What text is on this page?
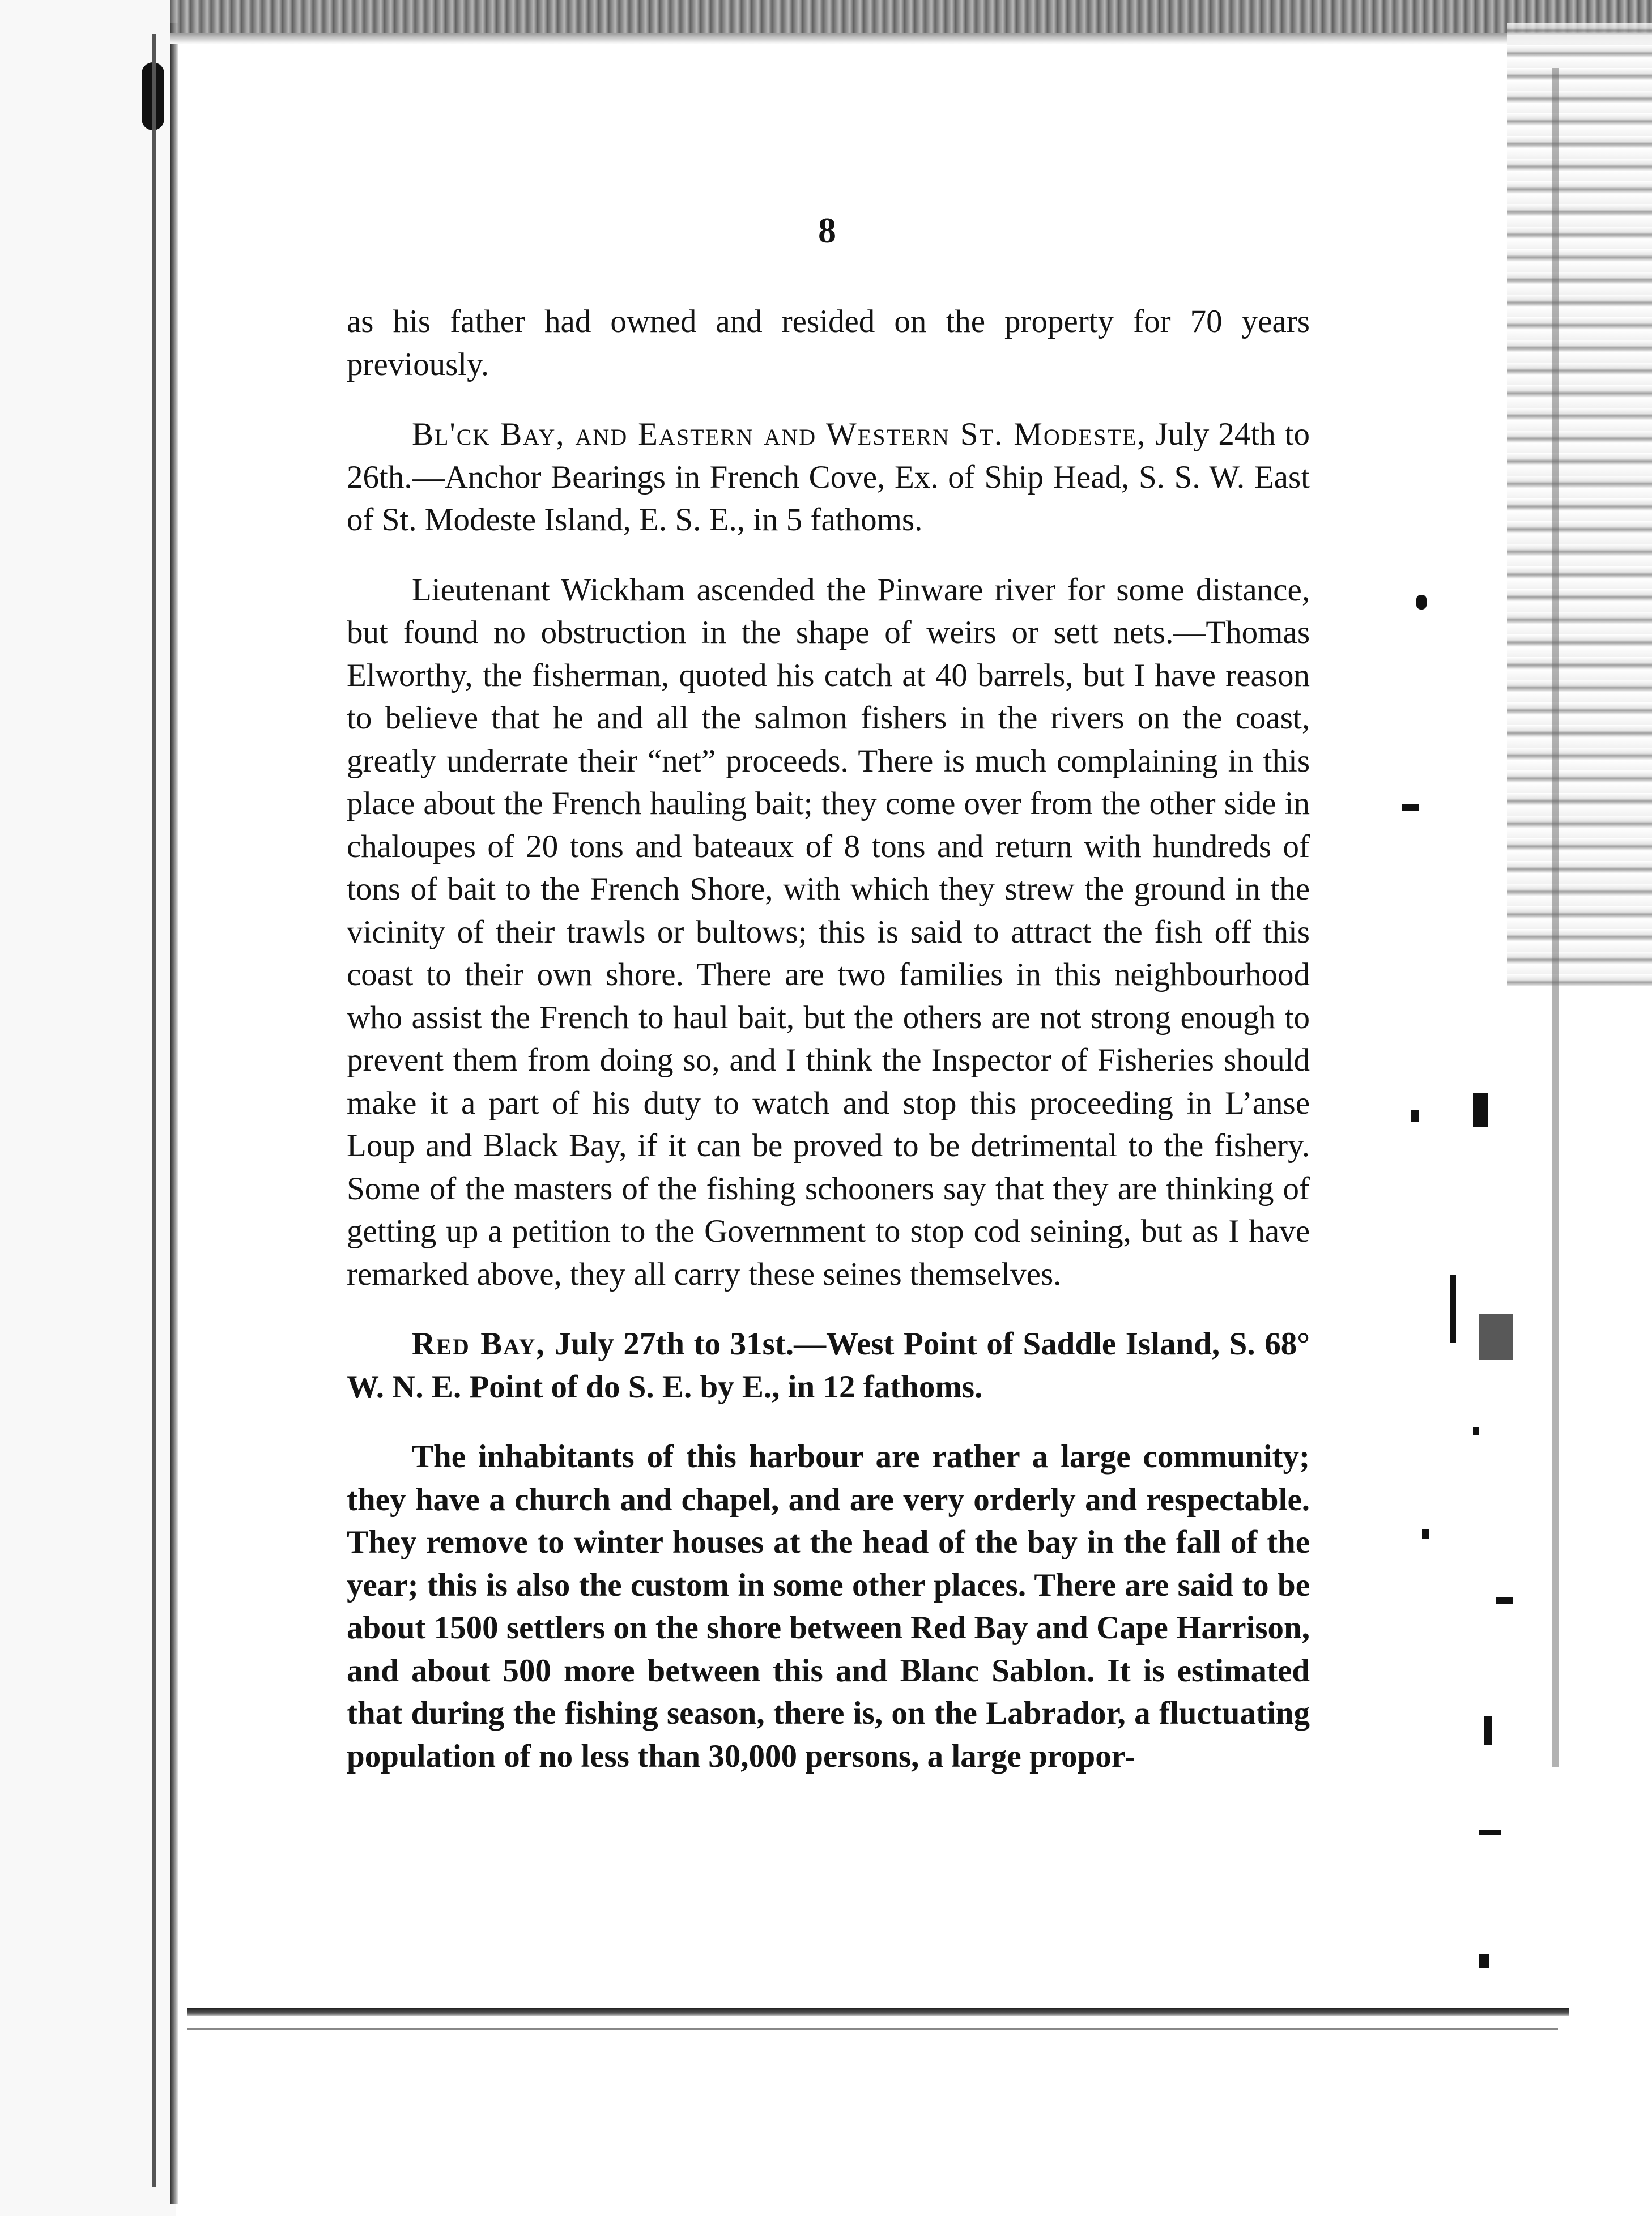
8

as his father had owned and resided on the property for 70 years previously.

Bl'ck Bay, and Eastern and Western St. Modeste, July 24th to 26th.—Anchor Bearings in French Cove, Ex. of Ship Head, S. S. W. East of St. Modeste Island, E. S. E., in 5 fathoms.

Lieutenant Wickham ascended the Pinware river for some distance, but found no obstruction in the shape of weirs or sett nets.—Thomas Elworthy, the fisherman, quoted his catch at 40 barrels, but I have reason to believe that he and all the salmon fishers in the rivers on the coast, greatly underrate their “net” proceeds. There is much complaining in this place about the French hauling bait; they come over from the other side in chaloupes of 20 tons and bateaux of 8 tons and return with hundreds of tons of bait to the French Shore, with which they strew the ground in the vicinity of their trawls or bultows; this is said to attract the fish off this coast to their own shore. There are two families in this neighbourhood who assist the French to haul bait, but the others are not strong enough to prevent them from doing so, and I think the Inspector of Fisheries should make it a part of his duty to watch and stop this proceeding in L’anse Loup and Black Bay, if it can be proved to be detrimental to the fishery. Some of the masters of the fishing schooners say that they are thinking of getting up a petition to the Government to stop cod seining, but as I have remarked above, they all carry these seines themselves.

Red Bay, July 27th to 31st.—West Point of Saddle Island, S. 68° W. N. E. Point of do S. E. by E., in 12 fathoms.

The inhabitants of this harbour are rather a large community; they have a church and chapel, and are very orderly and respectable. They remove to winter houses at the head of the bay in the fall of the year; this is also the custom in some other places. There are said to be about 1500 settlers on the shore between Red Bay and Cape Harrison, and about 500 more between this and Blanc Sablon. It is estimated that during the fishing season, there is, on the Labrador, a fluctuating population of no less than 30,000 persons, a large propor-
